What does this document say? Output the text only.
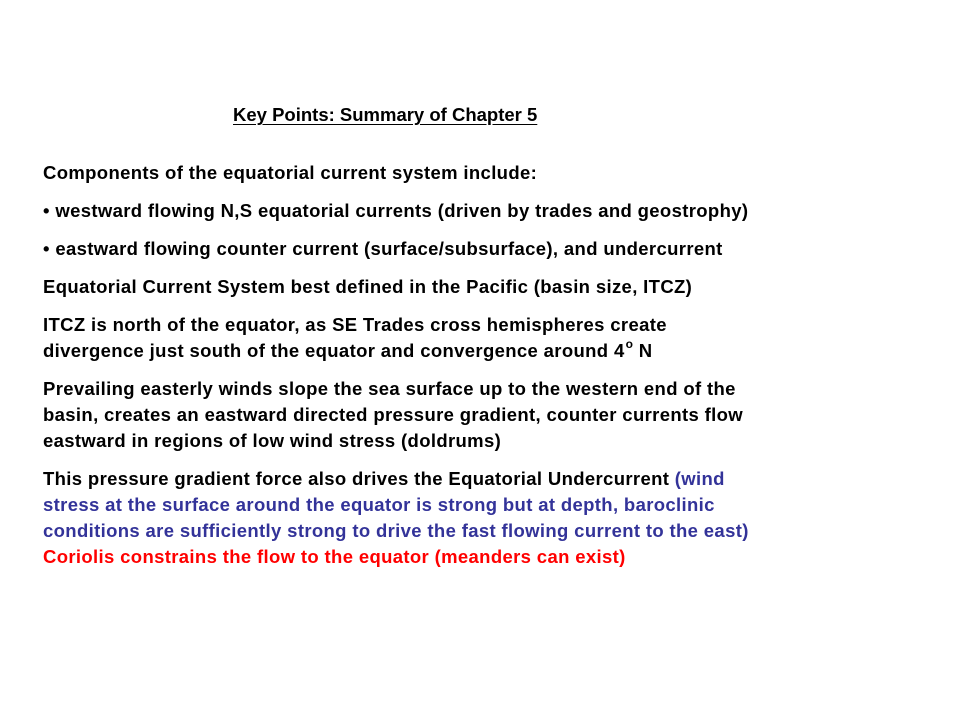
Key Points: Summary of Chapter 5

Components of the equatorial current system include:

• westward flowing N,S equatorial currents (driven by trades and geostrophy)

• eastward flowing counter current (surface/subsurface), and undercurrent

Equatorial Current System best defined in the Pacific (basin size, ITCZ)

ITCZ is north of the equator, as SE Trades cross hemispheres create
divergence just south of the equator and convergence around 4$^o$ N

Prevailing easterly winds slope the sea surface up to the western end of the
basin, creates an eastward directed pressure gradient, counter currents flow
eastward in regions of low wind stress (doldrums)

This pressure gradient force also drives the Equatorial Undercurrent (wind
stress at the surface around the equator is strong but at depth, baroclinic
conditions are sufficiently strong to drive the fast flowing current to the east)
Coriolis constrains the flow to the equator (meanders can exist)
